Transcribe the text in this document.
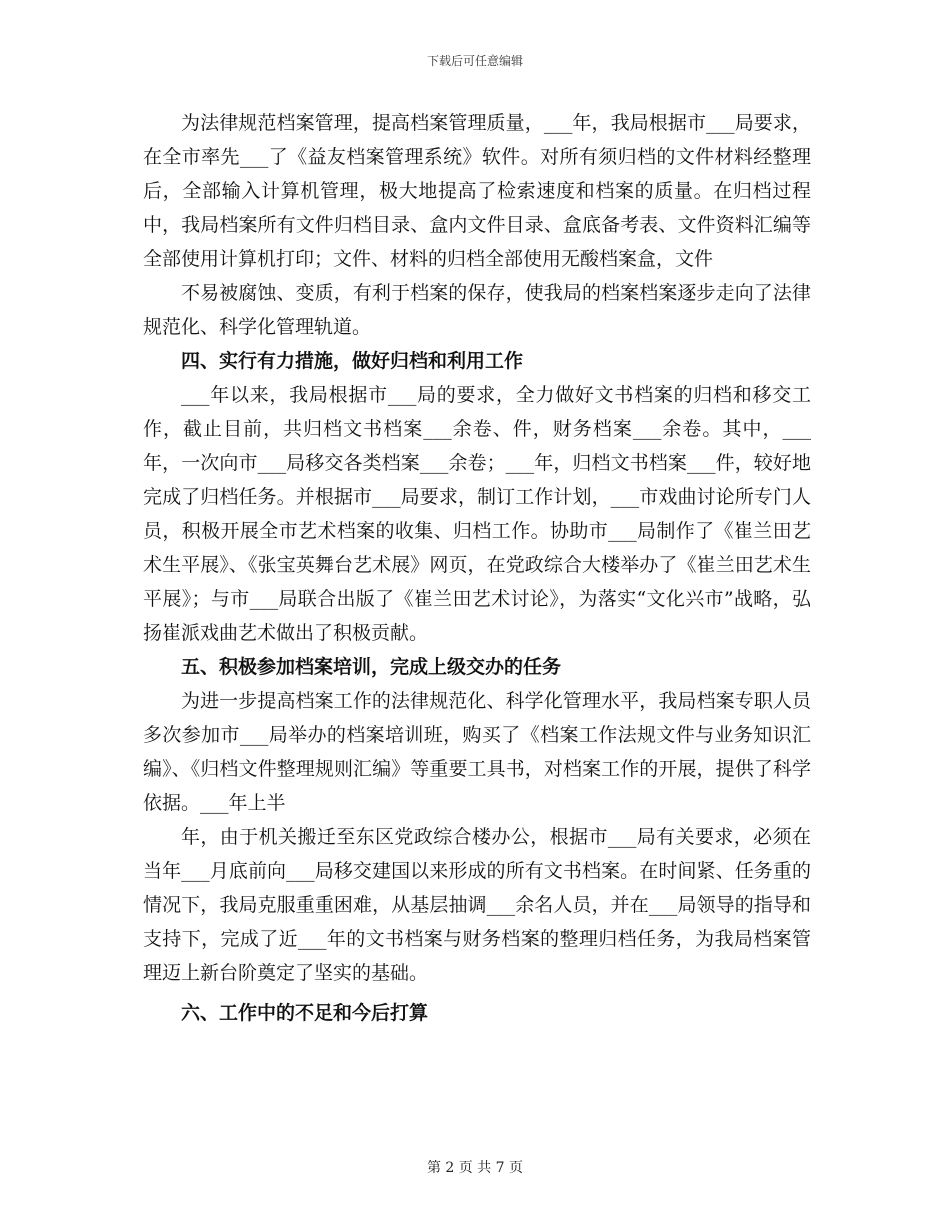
下载后可任意编辑

为法律规范档案管理，提高档案管理质量，___年，我局根据市___局要求，在全市率先___了《益友档案管理系统》软件。对所有须归档的文件材料经整理后，全部输入计算机管理，极大地提高了检索速度和档案的质量。在归档过程中，我局档案所有文件归档目录、盒内文件目录、盒底备考表、文件资料汇编等全部使用计算机打印；文件、材料的归档全部使用无酸档案盒，文件

不易被腐蚀、变质，有利于档案的保存，使我局的档案档案逐步走向了法律规范化、科学化管理轨道。

四、实行有力措施，做好归档和利用工作

___年以来，我局根据市___局的要求，全力做好文书档案的归档和移交工作，截止目前，共归档文书档案___余卷、件，财务档案___余卷。其中，___年，一次向市___局移交各类档案___余卷；___年，归档文书档案___件，较好地完成了归档任务。并根据市___局要求，制订工作计划，___市戏曲讨论所专门人员，积极开展全市艺术档案的收集、归档工作。协助市___局制作了《崔兰田艺术生平展》、《张宝英舞台艺术展》网页，在党政综合大楼举办了《崔兰田艺术生平展》；与市___局联合出版了《崔兰田艺术讨论》，为落实“文化兴市”战略，弘扬崔派戏曲艺术做出了积极贡献。

五、积极参加档案培训，完成上级交办的任务

为进一步提高档案工作的法律规范化、科学化管理水平，我局档案专职人员多次参加市___局举办的档案培训班，购买了《档案工作法规文件与业务知识汇编》、《归档文件整理规则汇编》等重要工具书，对档案工作的开展，提供了科学依据。___年上半

年，由于机关搬迁至东区党政综合楼办公，根据市___局有关要求，必须在当年___月底前向___局移交建国以来形成的所有文书档案。在时间紧、任务重的情况下，我局克服重重困难，从基层抽调___余名人员，并在___局领导的指导和支持下，完成了近___年的文书档案与财务档案的整理归档任务，为我局档案管理迈上新台阶奠定了坚实的基础。

六、工作中的不足和今后打算

第 2 页 共 7 页
